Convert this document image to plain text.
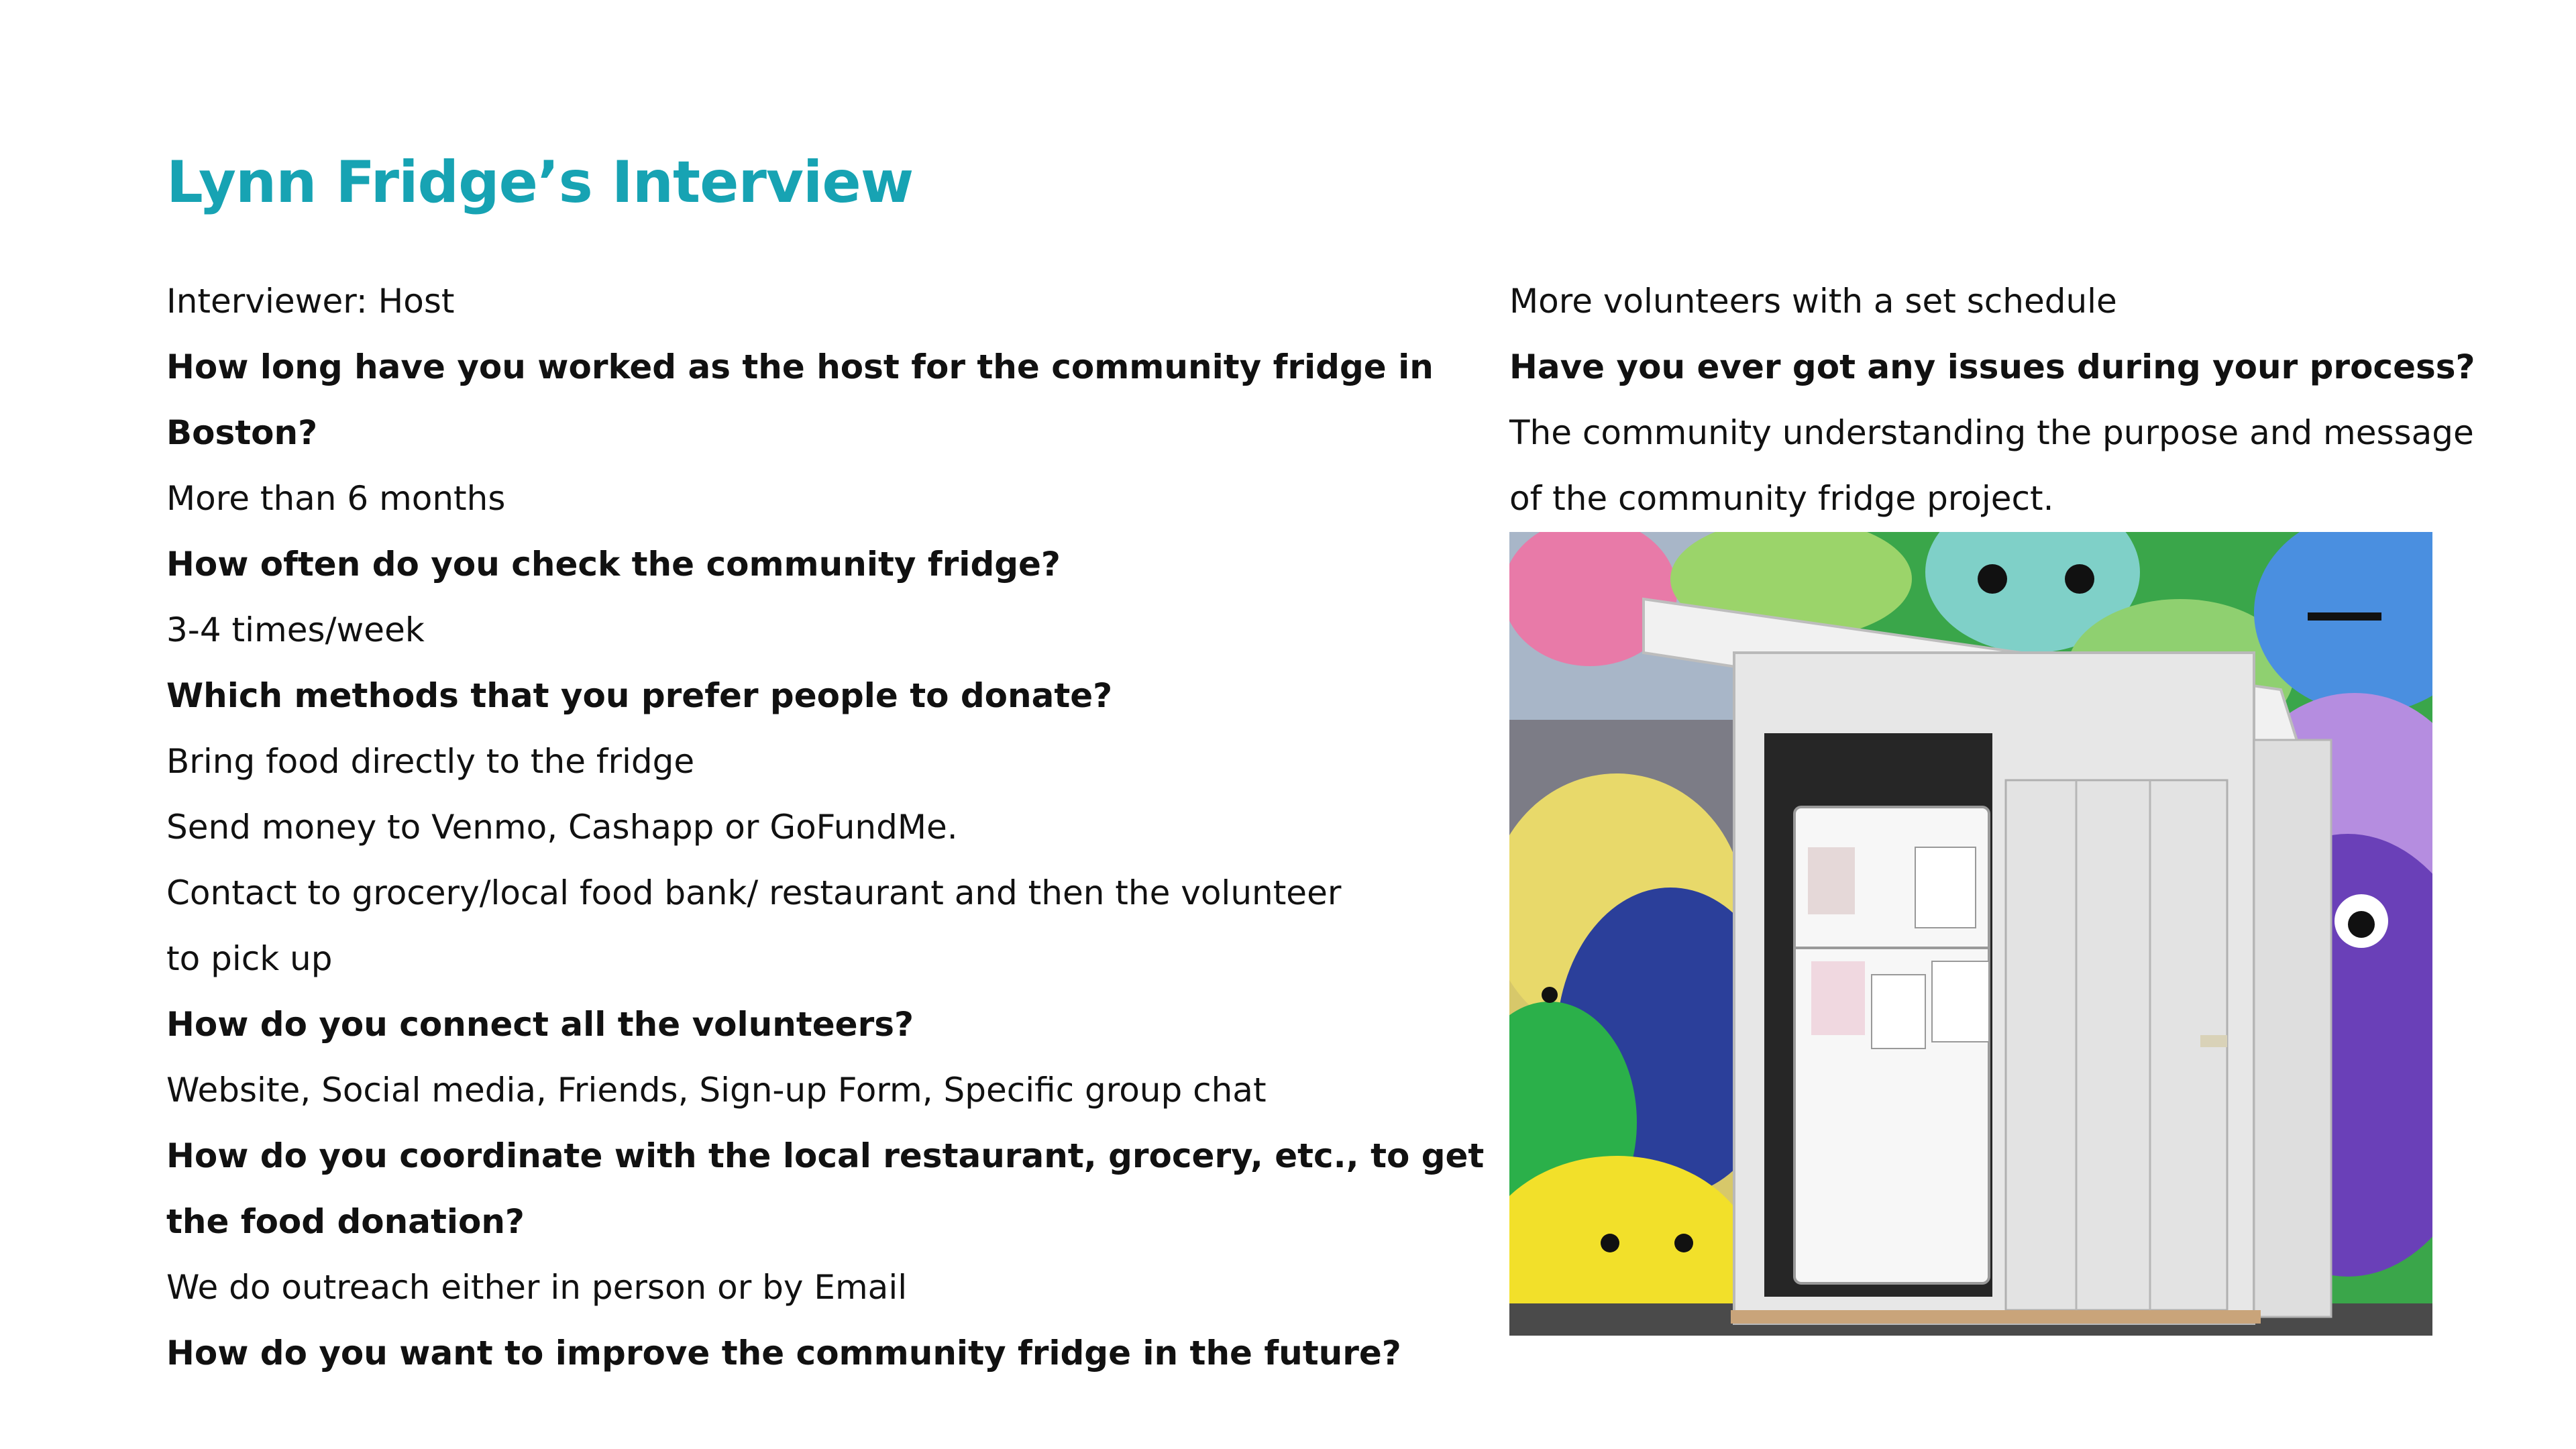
Lynn Fridge’s Interview
Interviewer: Host
How long have you worked as the host for the community fridge in
Boston?
More than 6 months
How often do you check the community fridge?
3-4 times/week
Which methods that you prefer people to donate?
Bring food directly to the fridge
Send money to Venmo, Cashapp or GoFundMe.
Contact to grocery/local food bank/ restaurant and then the volunteer
to pick up
How do you connect all the volunteers?
Website, Social media, Friends, Sign-up Form, Specific group chat
How do you coordinate with the local restaurant, grocery, etc., to get
the food donation?
We do outreach either in person or by Email
How do you want to improve the community fridge in the future?
More volunteers with a set schedule
Have you ever got any issues during your process?
The community understanding the purpose and message
of the community fridge project.
